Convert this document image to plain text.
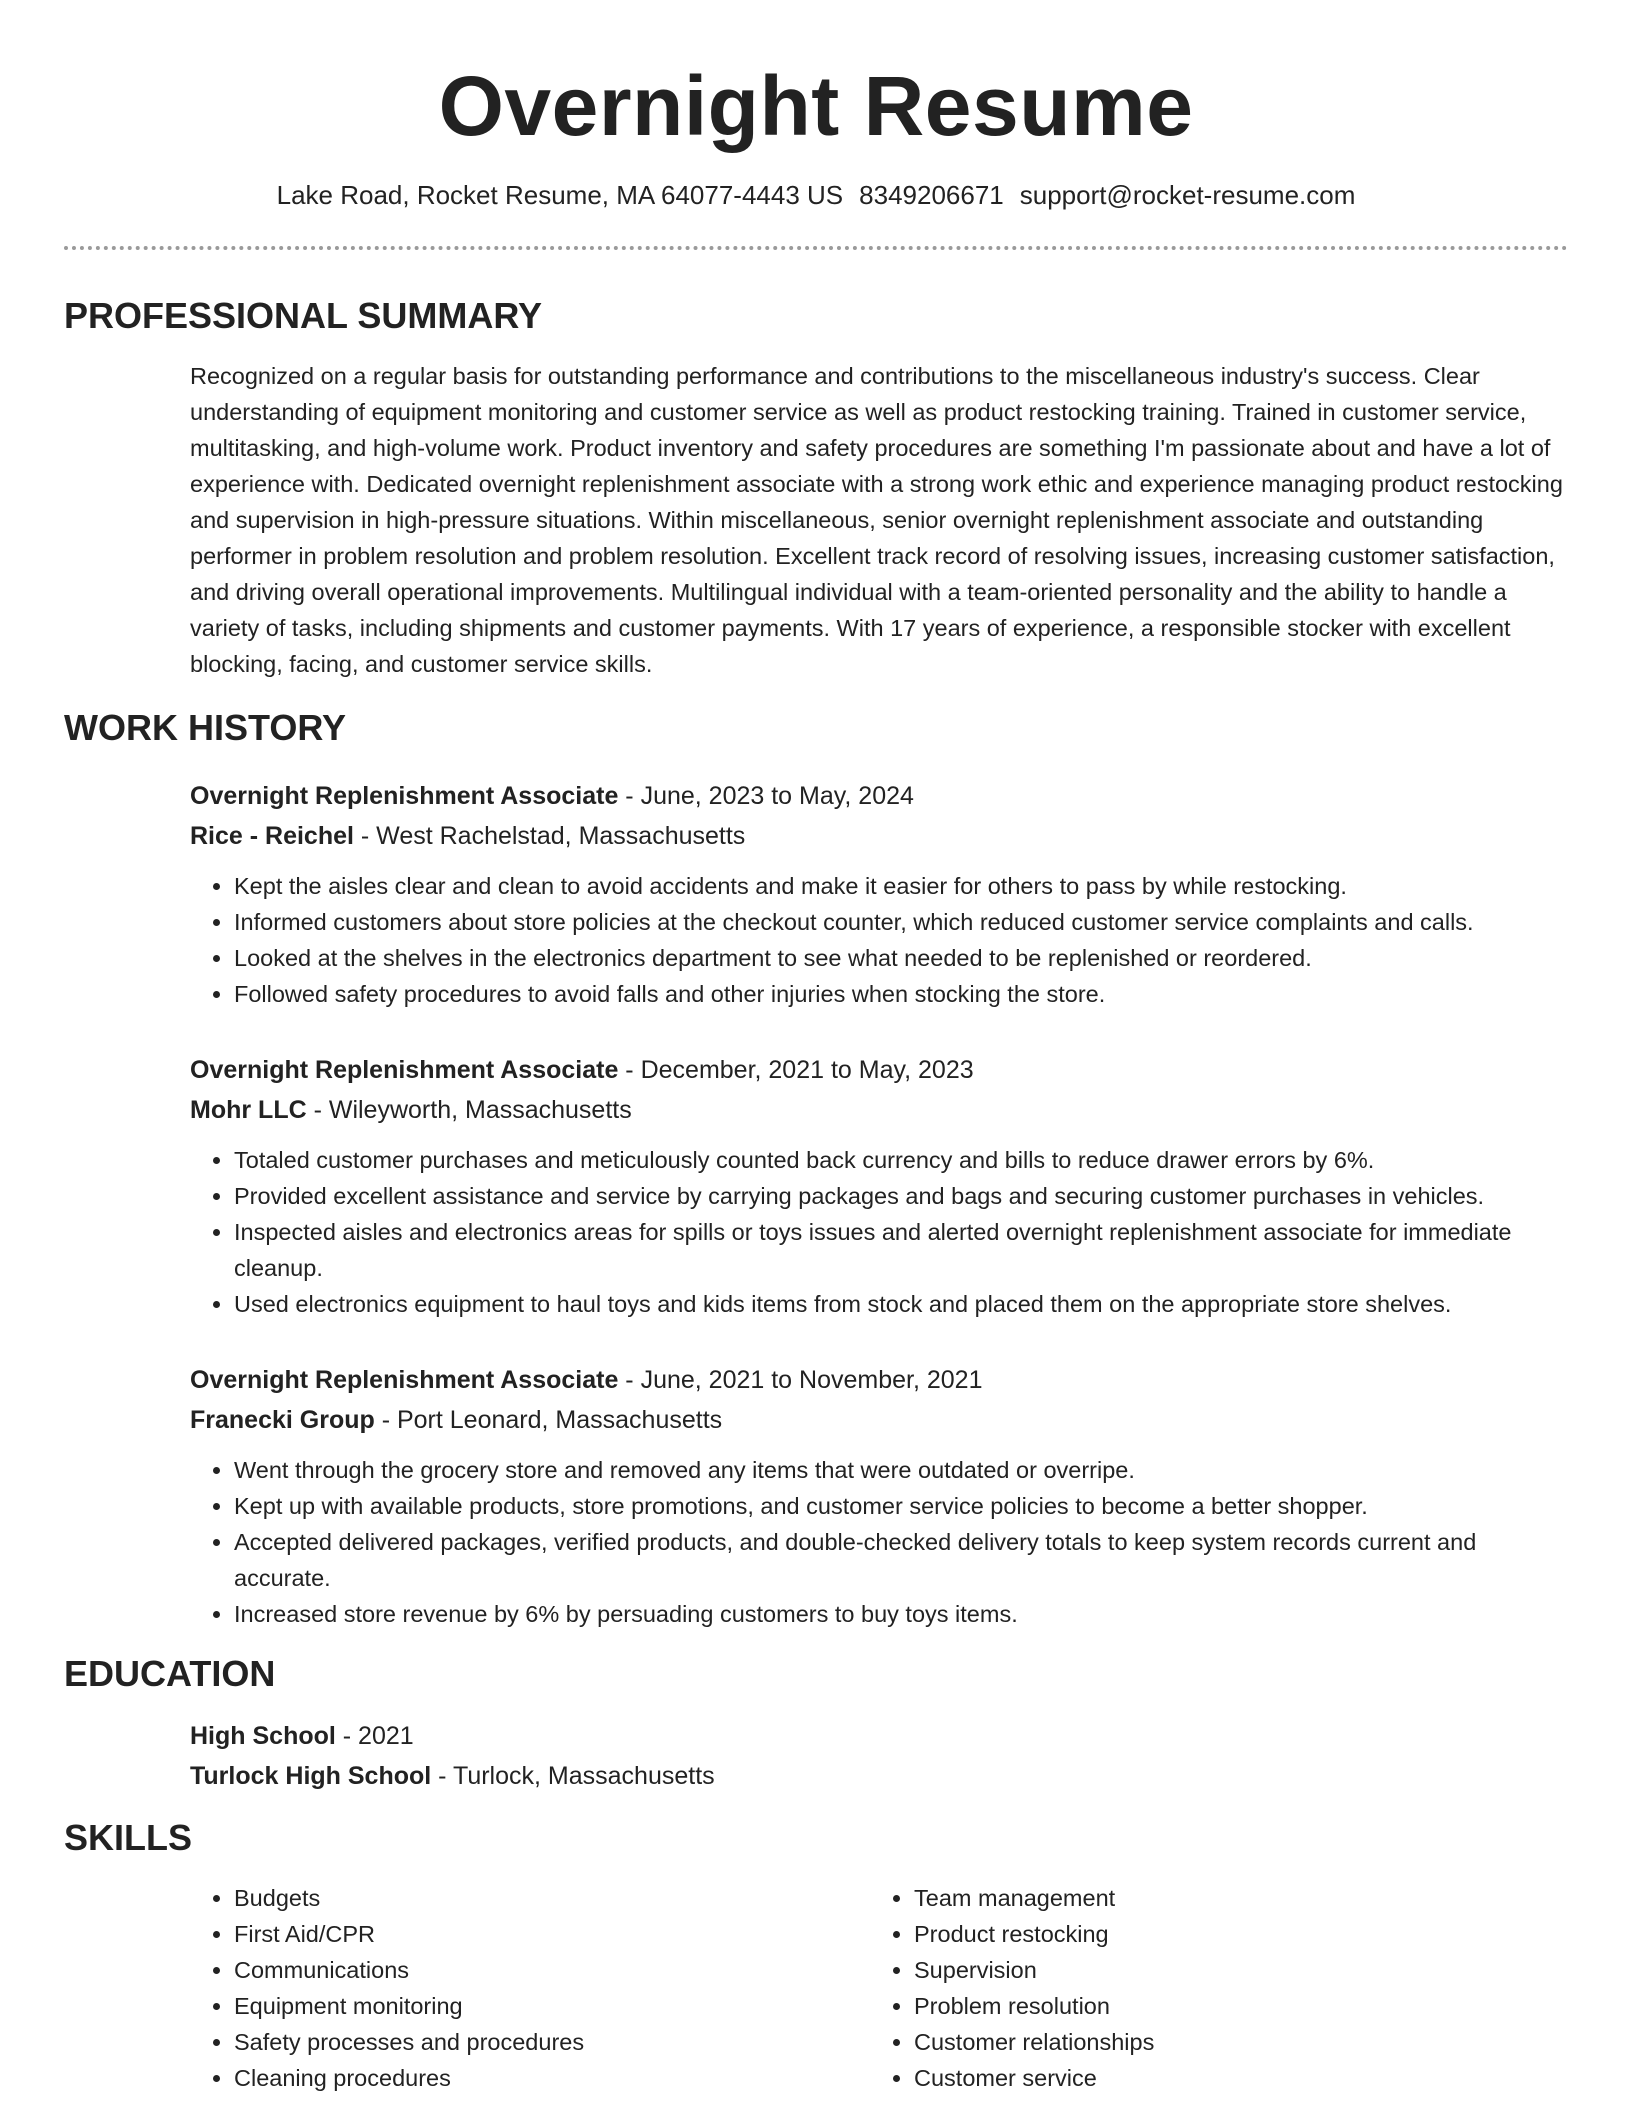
Overnight Resume
Lake Road, Rocket Resume, MA 64077-4443 US 8349206671 support@rocket-resume.com
PROFESSIONAL SUMMARY
Recognized on a regular basis for outstanding performance and contributions to the miscellaneous industry's success. Clear understanding of equipment monitoring and customer service as well as product restocking training. Trained in customer service, multitasking, and high-volume work. Product inventory and safety procedures are something I'm passionate about and have a lot of experience with. Dedicated overnight replenishment associate with a strong work ethic and experience managing product restocking and supervision in high-pressure situations. Within miscellaneous, senior overnight replenishment associate and outstanding performer in problem resolution and problem resolution. Excellent track record of resolving issues, increasing customer satisfaction, and driving overall operational improvements. Multilingual individual with a team-oriented personality and the ability to handle a variety of tasks, including shipments and customer payments. With 17 years of experience, a responsible stocker with excellent blocking, facing, and customer service skills.
WORK HISTORY
Overnight Replenishment Associate - June, 2023 to May, 2024
Rice - Reichel - West Rachelstad, Massachusetts
• Kept the aisles clear and clean to avoid accidents and make it easier for others to pass by while restocking.
• Informed customers about store policies at the checkout counter, which reduced customer service complaints and calls.
• Looked at the shelves in the electronics department to see what needed to be replenished or reordered.
• Followed safety procedures to avoid falls and other injuries when stocking the store.
Overnight Replenishment Associate - December, 2021 to May, 2023
Mohr LLC - Wileyworth, Massachusetts
• Totaled customer purchases and meticulously counted back currency and bills to reduce drawer errors by 6%.
• Provided excellent assistance and service by carrying packages and bags and securing customer purchases in vehicles.
• Inspected aisles and electronics areas for spills or toys issues and alerted overnight replenishment associate for immediate cleanup.
• Used electronics equipment to haul toys and kids items from stock and placed them on the appropriate store shelves.
Overnight Replenishment Associate - June, 2021 to November, 2021
Franecki Group - Port Leonard, Massachusetts
• Went through the grocery store and removed any items that were outdated or overripe.
• Kept up with available products, store promotions, and customer service policies to become a better shopper.
• Accepted delivered packages, verified products, and double-checked delivery totals to keep system records current and accurate.
• Increased store revenue by 6% by persuading customers to buy toys items.
EDUCATION
High School - 2021
Turlock High School - Turlock, Massachusetts
SKILLS
• Budgets
• First Aid/CPR
• Communications
• Equipment monitoring
• Safety processes and procedures
• Cleaning procedures
• Team management
• Product restocking
• Supervision
• Problem resolution
• Customer relationships
• Customer service
